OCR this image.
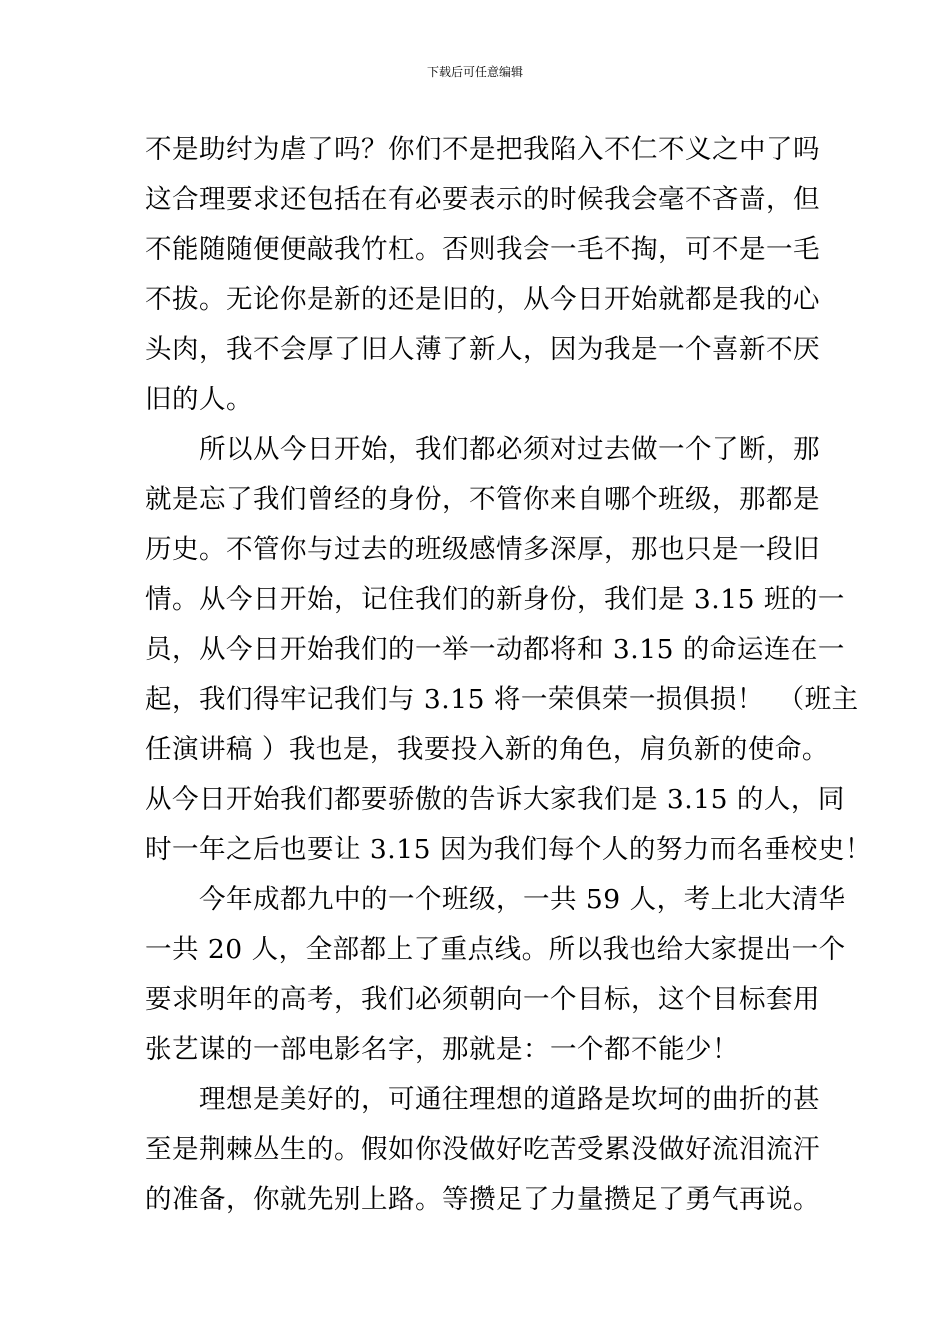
下载后可任意编辑
不是助纣为虐了吗？你们不是把我陷入不仁不义之中了吗
这合理要求还包括在有必要表示的时候我会毫不吝啬，但
不能随随便便敲我竹杠。否则我会一毛不掏，可不是一毛
不拔。无论你是新的还是旧的，从今日开始就都是我的心
头肉，我不会厚了旧人薄了新人，因为我是一个喜新不厌
旧的人。
　　所以从今日开始，我们都必须对过去做一个了断，那
就是忘了我们曾经的身份，不管你来自哪个班级，那都是
历史。不管你与过去的班级感情多深厚，那也只是一段旧
情。从今日开始，记住我们的新身份，我们是 3.15 班的一
员，从今日开始我们的一举一动都将和 3.15 的命运连在一
起，我们得牢记我们与 3.15 将一荣俱荣一损俱损！　（班主
任演讲稿 ）我也是，我要投入新的角色，肩负新的使命。
从今日开始我们都要骄傲的告诉大家我们是 3.15 的人，同
时一年之后也要让 3.15 因为我们每个人的努力而名垂校史！
　　今年成都九中的一个班级，一共 59 人，考上北大清华
一共 20 人，全部都上了重点线。所以我也给大家提出一个
要求明年的高考，我们必须朝向一个目标，这个目标套用
张艺谋的一部电影名字，那就是：一个都不能少！
　　理想是美好的，可通往理想的道路是坎坷的曲折的甚
至是荆棘丛生的。假如你没做好吃苦受累没做好流泪流汗
的准备，你就先别上路。等攒足了力量攒足了勇气再说。
